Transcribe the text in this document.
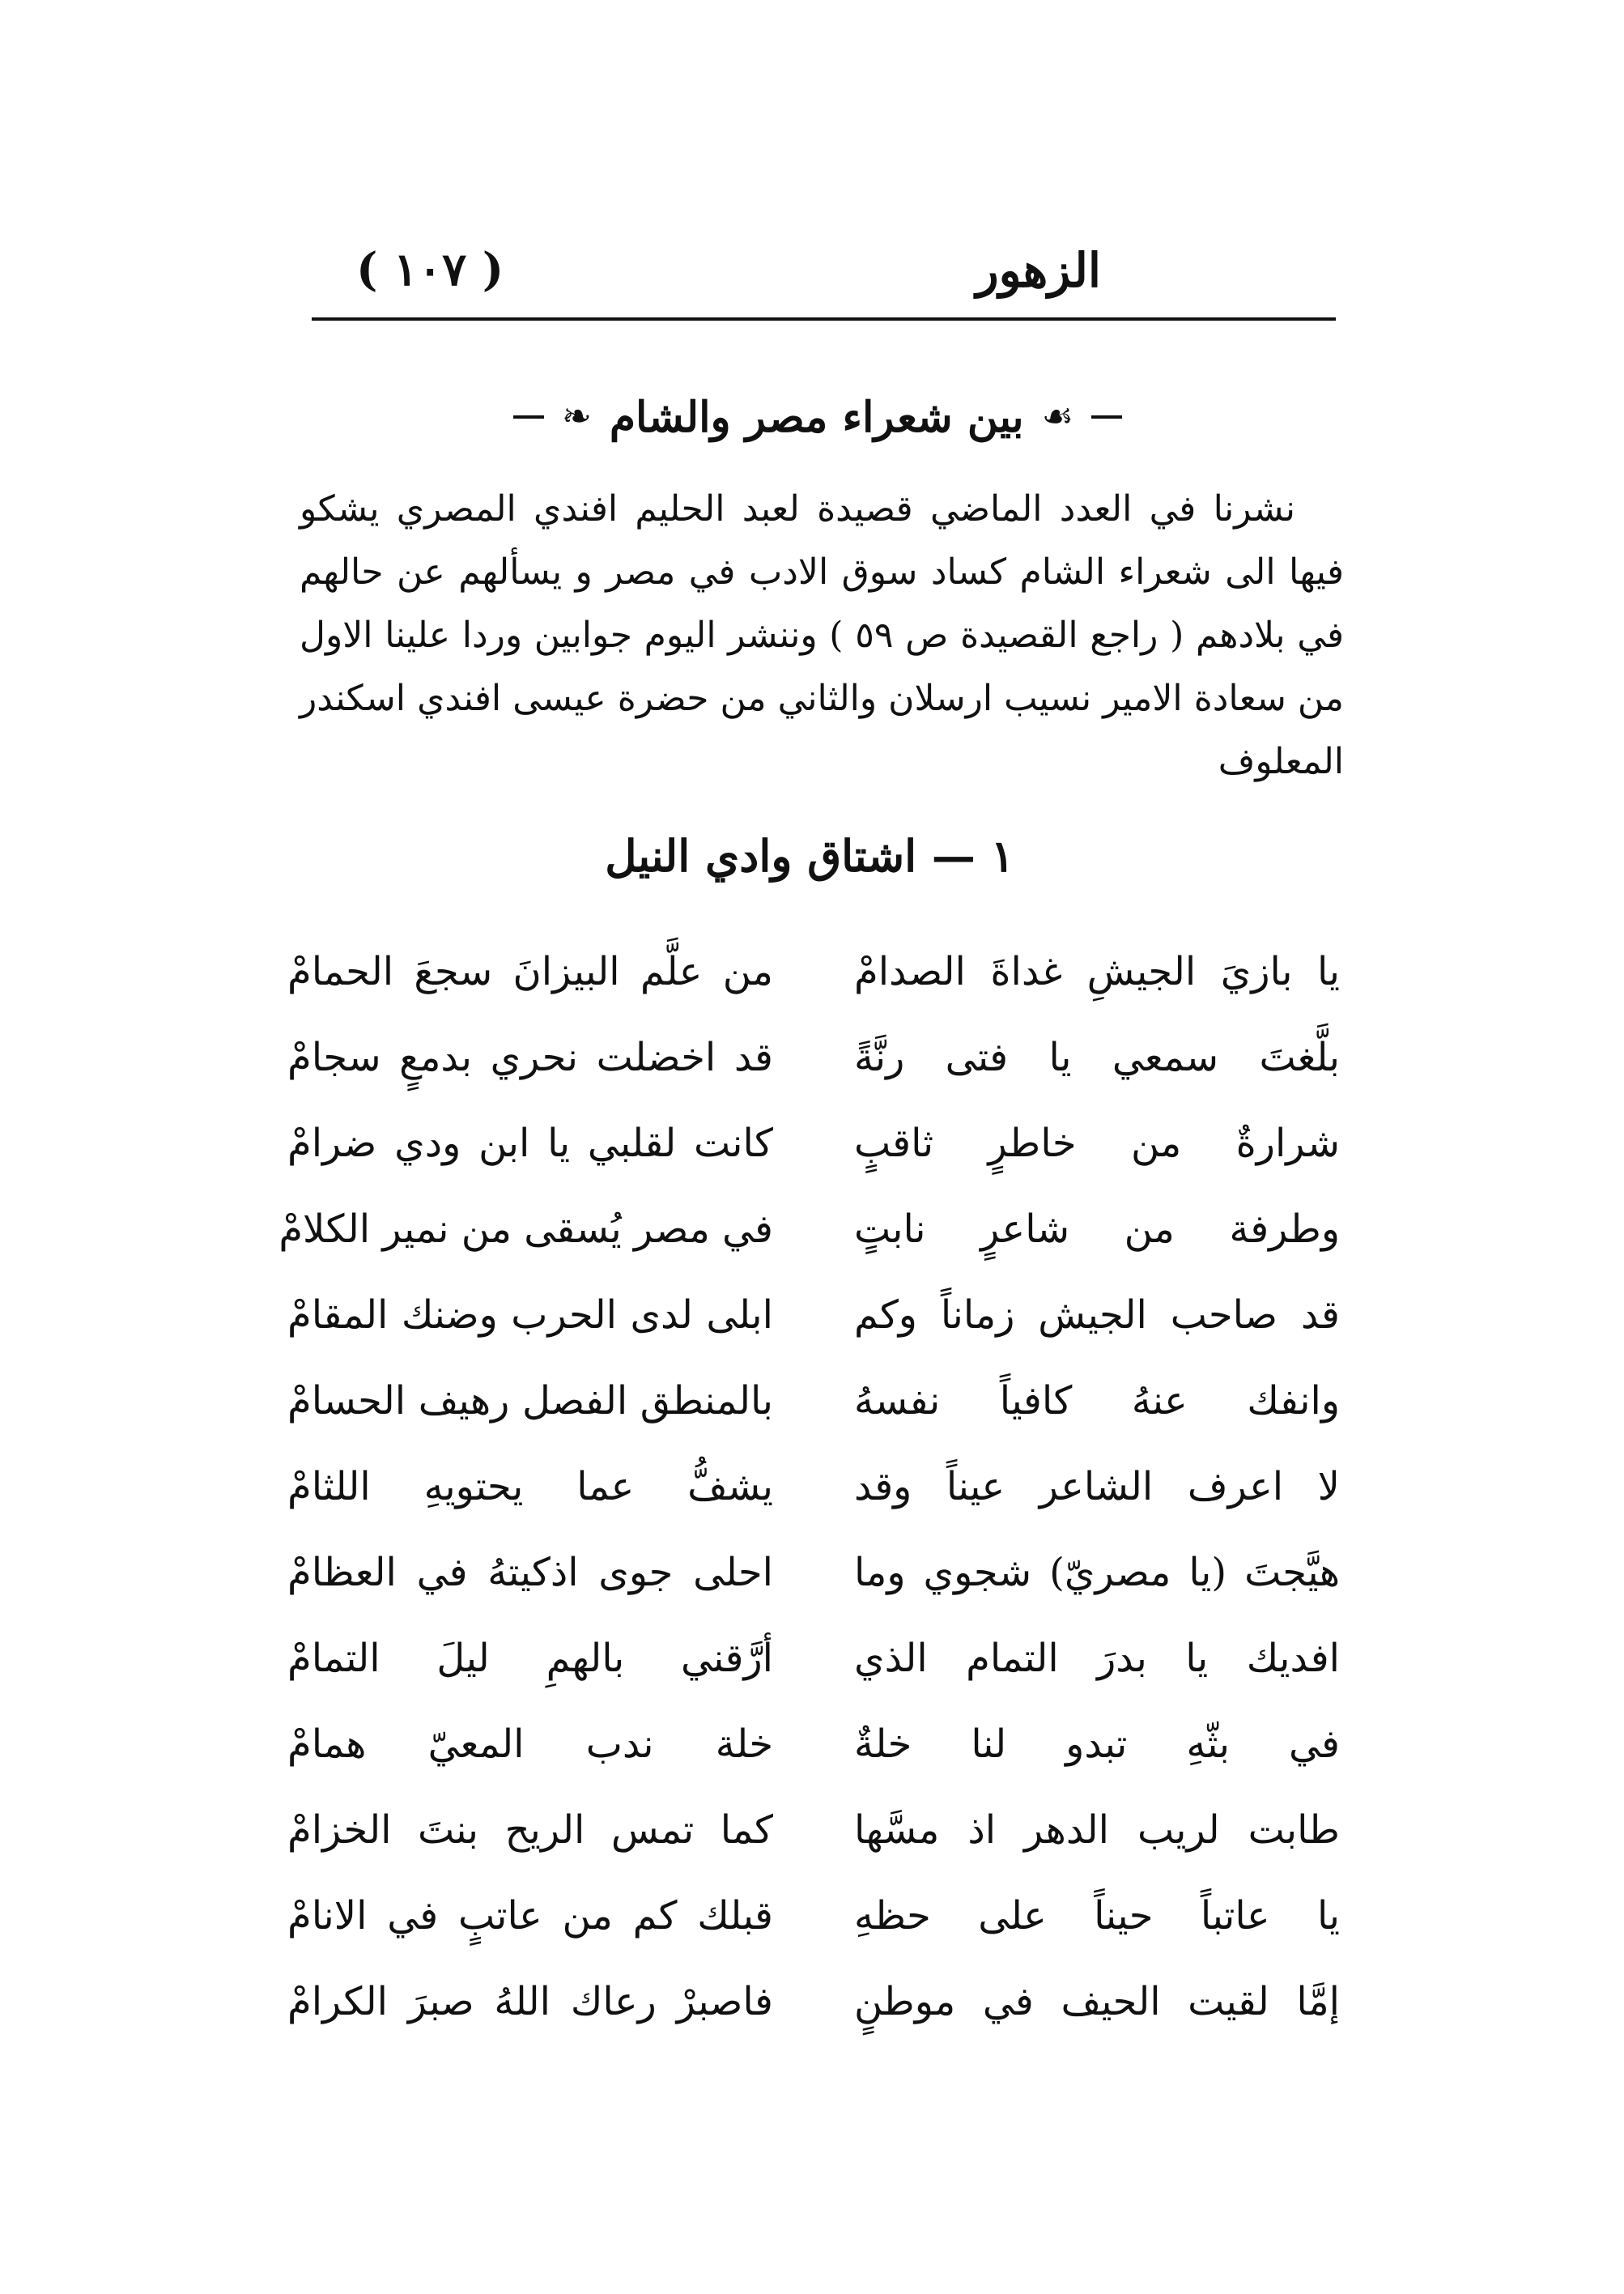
الزهور
( ١٠٧ )
☙
بين شعراء مصر والشام
❧

نشرنا في العدد الماضي قصيدة لعبد الحليم افندي المصري يشكو فيها الى شعراء الشام كساد سوق الادب في مصر و يسألهم عن حالهم في بلادهم ( راجع القصيدة ص ٥٩ ) وننشر اليوم جوابين وردا علينا الاول من سعادة الامير نسيب ارسلان والثاني من حضرة عيسى افندي اسكندر المعلوف

١ — اشتاق وادي النيل
يا بازيَ الجيشِ غداةَ الصدامْ
من علَّم البيزانَ سجعَ الحمامْ
بلَّغتَ سمعي يا فتى رنَّةً
قد اخضلت نحري بدمعٍ سجامْ
شرارةٌ من خاطرٍ ثاقبٍ
كانت لقلبي يا ابن ودي ضرامْ
وطرفة من شاعرٍ نابتٍ
في مصر يُسقى من نمير الكلامْ
قد صاحب الجيش زماناً وكم
ابلى لدى الحرب وضنك المقامْ
وانفك عنهُ كافياً نفسهُ
بالمنطق الفصل رهيف الحسامْ
لا اعرف الشاعر عيناً وقد
يشفُّ عما يحتويهِ اللثامْ
هيَّجتَ (يا مصريّ) شجوي وما
احلى جوى اذكيتهُ في العظامْ
افديك يا بدرَ التمام الذي
أرَّقني بالهمِ ليلَ التمامْ
في بثّهِ تبدو لنا خلةٌ
خلة ندب المعيّ همامْ
طابت لريب الدهر اذ مسَّها
كما تمس الريح بنتَ الخزامْ
يا عاتباً حيناً على حظهِ
قبلك كم من عاتبٍ في الانامْ
إمَّا لقيت الحيف في موطنٍ
فاصبرْ رعاك اللهُ صبرَ الكرامْ
